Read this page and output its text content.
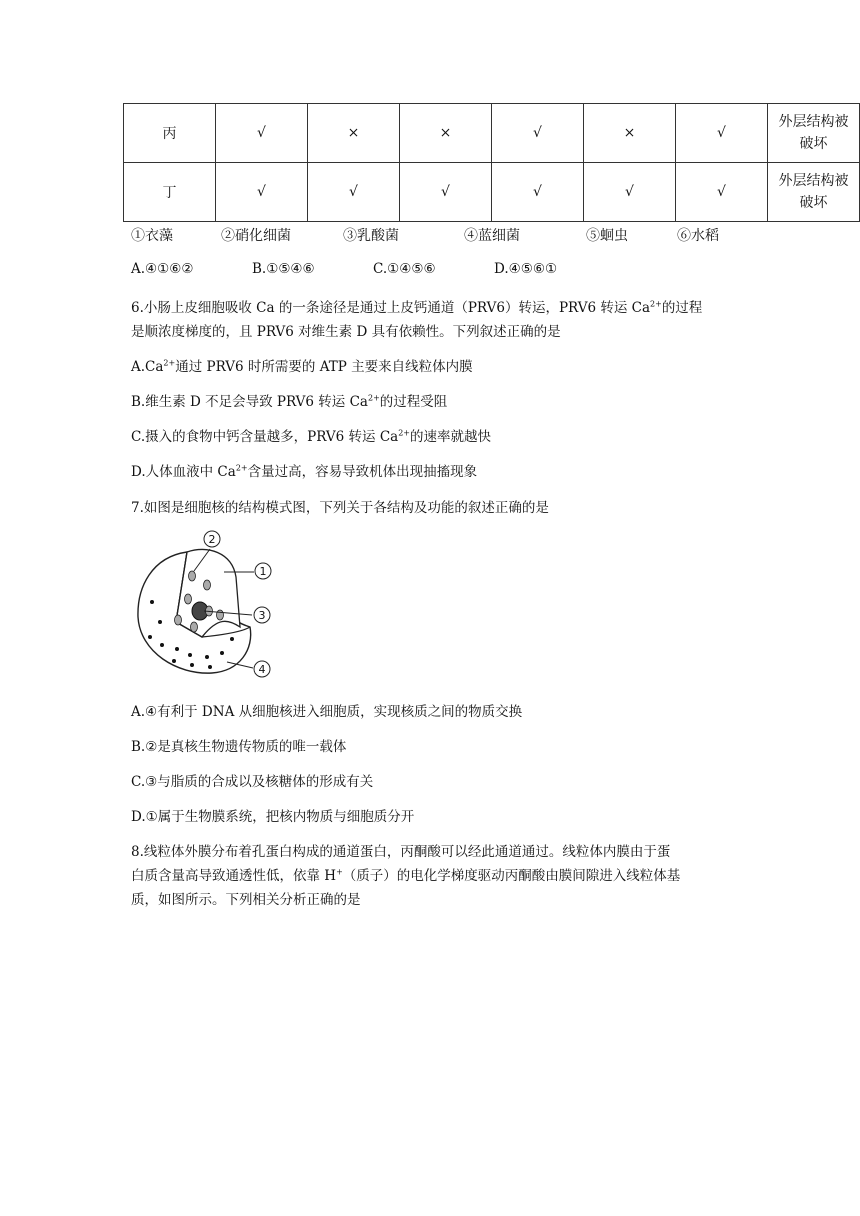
丙	√	×	×	√	×	√	外层结构被
破坏
丁	√	√	√	√	√	√	外层结构被
破坏
①衣藻	②硝化细菌	③乳酸菌	④蓝细菌	⑤蛔虫	⑥水稻
A.④①⑥②	B.①⑤④⑥	C.①④⑤⑥	D.④⑤⑥①
6.小肠上皮细胞吸收 Ca 的一条途径是通过上皮钙通道（PRV6）转运，PRV6 转运 $Ca^{2+}$的过程
是顺浓度梯度的，且 PRV6 对维生素 D 具有依赖性。下列叙述正确的是
$A.Ca^{2+}$通过 PRV6 时所需要的 ATP 主要来自线粒体内膜
B.维生素 D 不足会导致 PRV6 转运 $Ca^{2+}$的过程受阻
C.摄入的食物中钙含量越多，PRV6 转运 $Ca^{2+}$的速率就越快
D.人体血液中 $Ca^{2+}$含量过高，容易导致机体出现抽搐现象
7.如图是细胞核的结构模式图，下列关于各结构及功能的叙述正确的是
2
1
3
4
A.④有利于 DNA 从细胞核进入细胞质，实现核质之间的物质交换
B.②是真核生物遗传物质的唯一载体
C.③与脂质的合成以及核糖体的形成有关
D.①属于生物膜系统，把核内物质与细胞质分开
8.线粒体外膜分布着孔蛋白构成的通道蛋白，丙酮酸可以经此通道通过。线粒体内膜由于蛋
白质含量高导致通透性低，依靠 H+（质子）的电化学梯度驱动丙酮酸由膜间隙进入线粒体基
质，如图所示。下列相关分析正确的是
